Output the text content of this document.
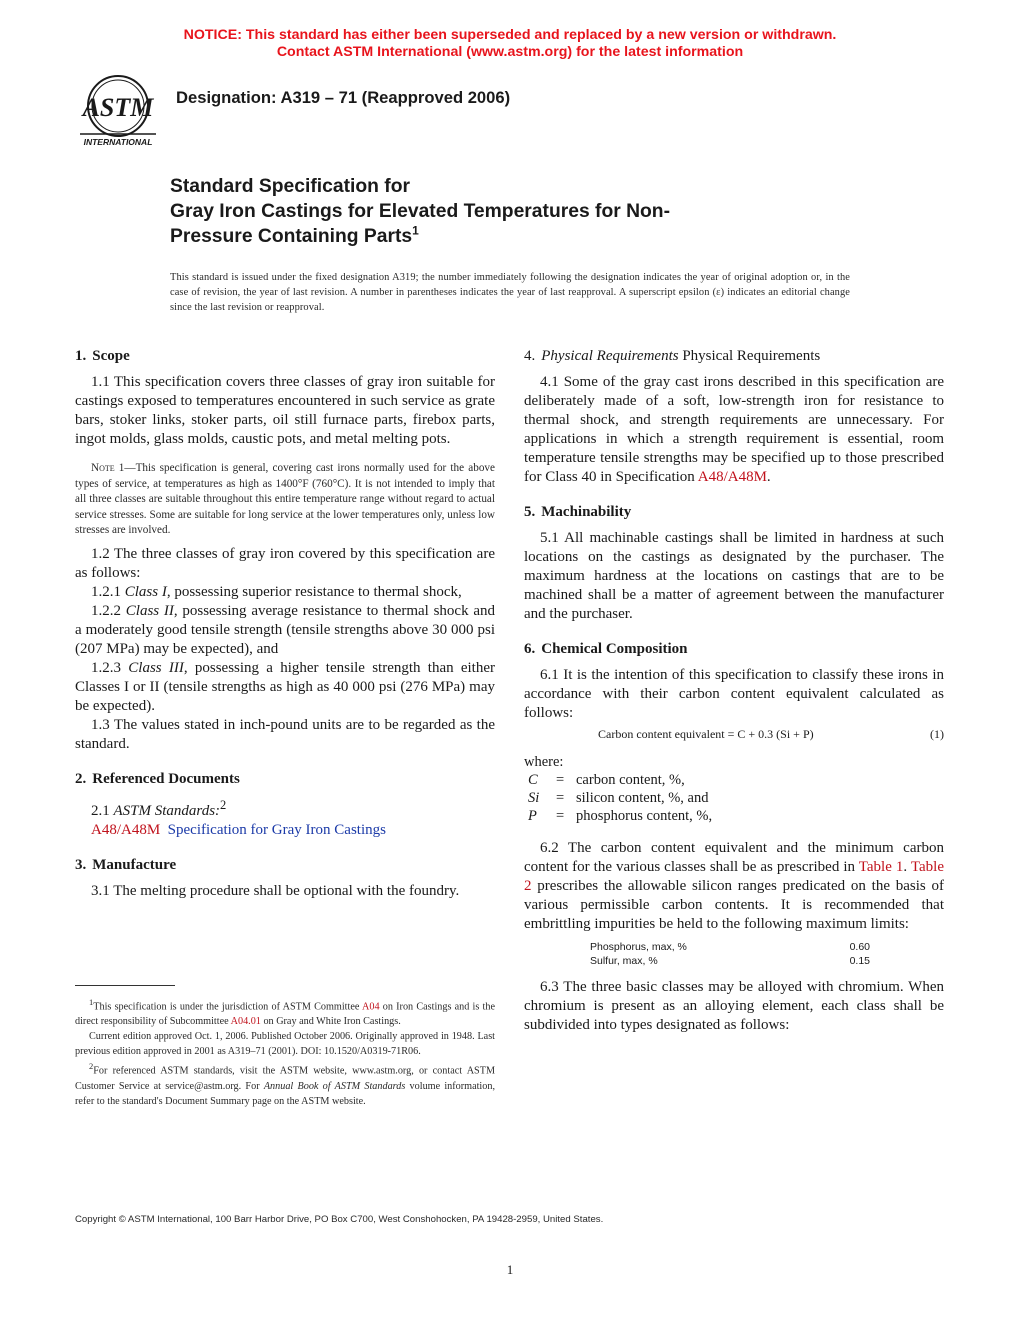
NOTICE: This standard has either been superseded and replaced by a new version or withdrawn.
Contact ASTM International (www.astm.org) for the latest information
ASTM
INTERNATIONAL
Designation: A319 – 71 (Reapproved 2006)
Standard Specification for
Gray Iron Castings for Elevated Temperatures for Non-
Pressure Containing Parts$^1$
This standard is issued under the fixed designation A319; the number immediately following the designation indicates the year of original adoption or, in the case of revision, the year of last revision. A number in parentheses indicates the year of last reapproval. A superscript epsilon (ε) indicates an editorial change since the last revision or reapproval.
1. Scope

1.1 This specification covers three classes of gray iron suitable for castings exposed to temperatures encountered in such service as grate bars, stoker links, stoker parts, oil still furnace parts, firebox parts, ingot molds, glass molds, caustic pots, and metal melting pots.

Note 1—This specification is general, covering cast irons normally used for the above types of service, at temperatures as high as 1400°F (760°C). It is not intended to imply that all three classes are suitable throughout this entire temperature range without regard to actual service stresses. Some are suitable for long service at the lower temperatures only, unless low stresses are involved.

1.2 The three classes of gray iron covered by this specification are as follows:

1.2.1 Class I, possessing superior resistance to thermal shock,

1.2.2 Class II, possessing average resistance to thermal shock and a moderately good tensile strength (tensile strengths above 30 000 psi (207 MPa) may be expected), and

1.2.3 Class III, possessing a higher tensile strength than either Classes I or II (tensile strengths as high as 40 000 psi (276 MPa) may be expected).

1.3 The values stated in inch-pound units are to be regarded as the standard.

2. Referenced Documents

2.1 ASTM Standards:$^2$

A48/A48M Specification for Gray Iron Castings

3. Manufacture

3.1 The melting procedure shall be optional with the foundry.

4. Physical Requirements Physical Requirements

4.1 Some of the gray cast irons described in this specification are deliberately made of a soft, low-strength iron for resistance to thermal shock, and strength requirements are unnecessary. For applications in which a strength requirement is essential, room temperature tensile strengths may be specified up to those prescribed for Class 40 in Specification A48/A48M.

5. Machinability

5.1 All machinable castings shall be limited in hardness at such locations on the castings as designated by the purchaser. The maximum hardness at the locations on castings that are to be machined shall be a matter of agreement between the manufacturer and the purchaser.

6. Chemical Composition

6.1 It is the intention of this specification to classify these irons in accordance with their carbon content equivalent calculated as follows:

Carbon content equivalent = C + 0.3 (Si + P)	(1)
where:
C	=	carbon content, %,
Si	=	silicon content, %, and
P	=	phosphorus content, %,

6.2 The carbon content equivalent and the minimum carbon content for the various classes shall be as prescribed in Table 1. Table 2 prescribes the allowable silicon ranges predicated on the basis of various permissible carbon contents. It is recommended that embrittling impurities be held to the following maximum limits:

Phosphorus, max, %	0.60
Sulfur, max, %	0.15

6.3 The three basic classes may be alloyed with chromium. When chromium is present as an alloying element, each class shall be subdivided into types designated as follows:

$^1$This specification is under the jurisdiction of ASTM Committee A04 on Iron Castings and is the direct responsibility of Subcommittee A04.01 on Gray and White Iron Castings.

Current edition approved Oct. 1, 2006. Published October 2006. Originally approved in 1948. Last previous edition approved in 2001 as A319–71 (2001). DOI: 10.1520/A0319-71R06.

$^2$For referenced ASTM standards, visit the ASTM website, www.astm.org, or contact ASTM Customer Service at service@astm.org. For Annual Book of ASTM Standards volume information, refer to the standard's Document Summary page on the ASTM website.

Copyright © ASTM International, 100 Barr Harbor Drive, PO Box C700, West Conshohocken, PA 19428-2959, United States.
1
